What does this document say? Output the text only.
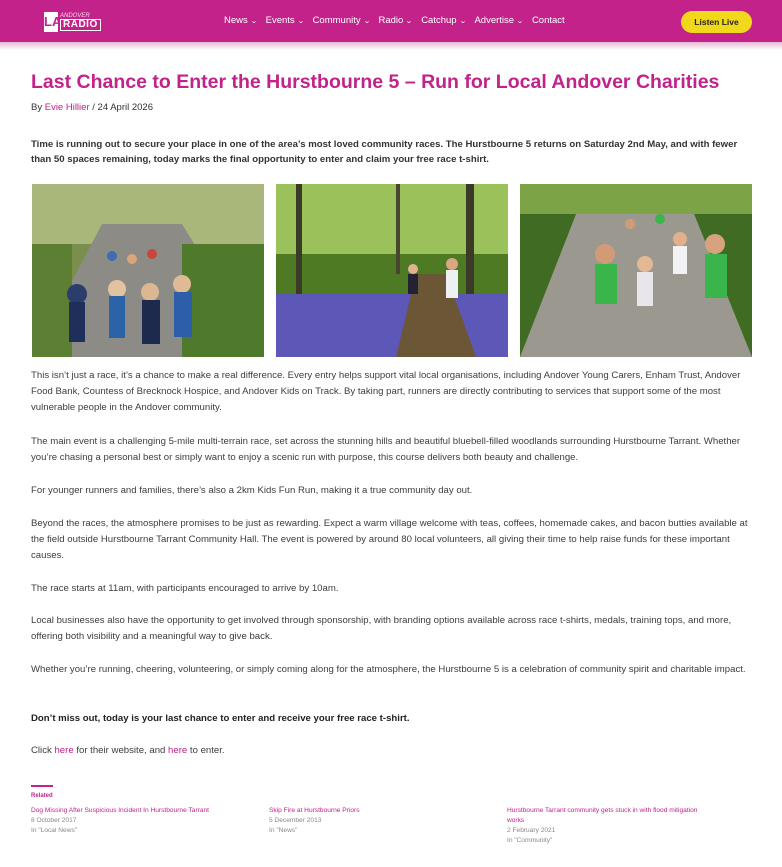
LA
ANDOVER
RADIO	News ⌄ Events ⌄ Community ⌄ Radio ⌄ Catchup ⌄ Advertise ⌄ Contact	Listen Live
Last Chance to Enter the Hurstbourne 5 – Run for Local Andover Charities
By Evie Hillier / 24 April 2026

Time is running out to secure your place in one of the area’s most loved community races. The Hurstbourne 5 returns on Saturday 2nd May, and with fewer than 50 spaces remaining, today marks the final opportunity to enter and claim your free race t-shirt.

This isn’t just a race, it’s a chance to make a real difference. Every entry helps support vital local organisations, including Andover Young Carers, Enham Trust, Andover Food Bank, Countess of Brecknock Hospice, and Andover Kids on Track. By taking part, runners are directly contributing to services that support some of the most vulnerable people in the Andover community.

The main event is a challenging 5-mile multi-terrain race, set across the stunning hills and beautiful bluebell-filled woodlands surrounding Hurstbourne Tarrant. Whether you’re chasing a personal best or simply want to enjoy a scenic run with purpose, this course delivers both beauty and challenge.

For younger runners and families, there’s also a 2km Kids Fun Run, making it a true community day out.

Beyond the races, the atmosphere promises to be just as rewarding. Expect a warm village welcome with teas, coffees, homemade cakes, and bacon butties available at the field outside Hurstbourne Tarrant Community Hall. The event is powered by around 80 local volunteers, all giving their time to help raise funds for these important causes.

The race starts at 11am, with participants encouraged to arrive by 10am.

Local businesses also have the opportunity to get involved through sponsorship, with branding options available across race t-shirts, medals, training tops, and more, offering both visibility and a meaningful way to give back.

Whether you’re running, cheering, volunteering, or simply coming along for the atmosphere, the Hurstbourne 5 is a celebration of community spirit and charitable impact.

Don’t miss out, today is your last chance to enter and receive your free race t-shirt.

Click here for their website, and here to enter.

Related
Dog Missing After Suspicious Incident In Hurstbourne Tarrant
8 October 2017
In "Local News"
Skip Fire at Hurstbourne Priors
5 December 2013
In "News"
Hurstbourne Tarrant community gets stuck in with flood mitigation works
2 February 2021
In "Community"
